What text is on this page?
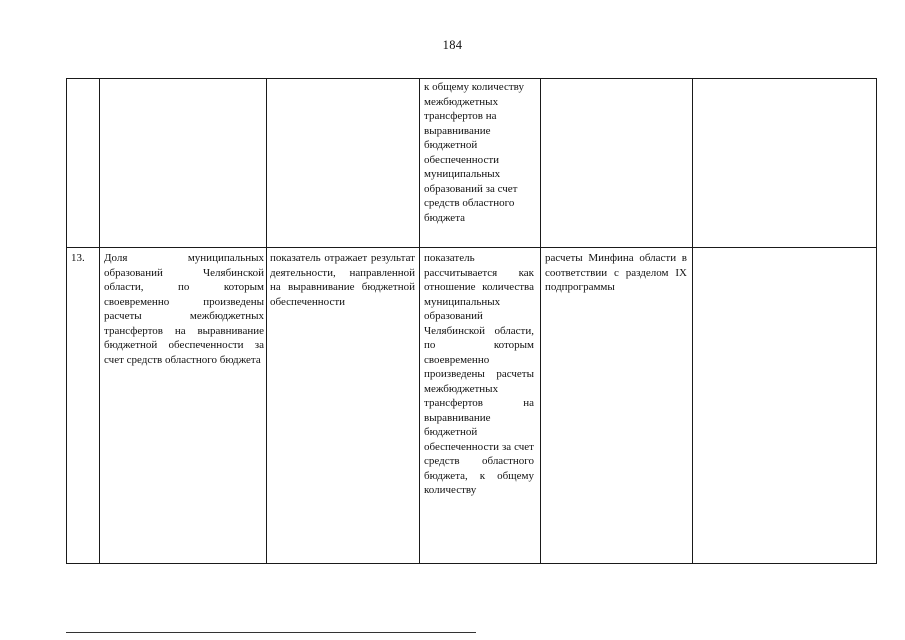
184
к общему количеству межбюджетных трансфертов на выравнивание бюджетной обеспеченности муниципальных образований за счет средств областного бюджета
13.	Доля муниципальных образований Челябинской области, по которым своевременно произведены расчеты межбюджетных трансфертов на выравнивание бюджетной обеспеченности за счет средств областного бюджета
показатель отражает результат деятельности, направленной на выравнивание бюджетной обеспеченности
показатель рассчитывается как отношение количества муниципальных образований Челябинской области, по которым своевременно произведены расчеты межбюджетных трансфертов на выравнивание бюджетной обеспеченности за счет средств областного бюджета, к общему количеству
расчеты Минфина области в соответствии с разделом IX подпрограммы
